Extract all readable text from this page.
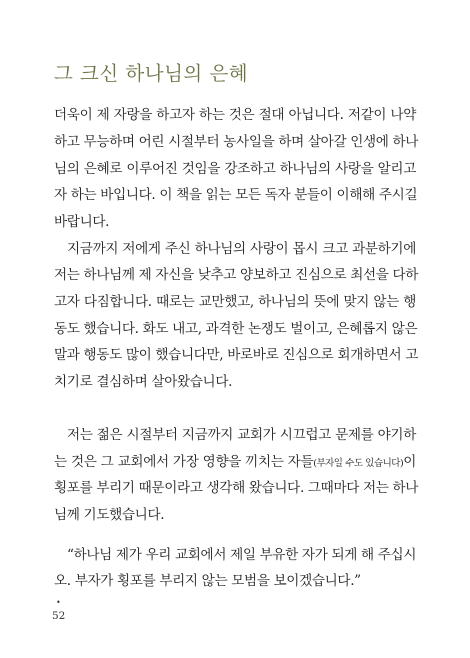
그 크신 하나님의 은혜
더욱이 제 자랑을 하고자 하는 것은 절대 아닙니다. 저같이 나약
하고 무능하며 어린 시절부터 농사일을 하며 살아갈 인생에 하나
님의 은혜로 이루어진 것임을 강조하고 하나님의 사랑을 알리고
자 하는 바입니다. 이 책을 읽는 모든 독자 분들이 이해해 주시길
바랍니다.
지금까지 저에게 주신 하나님의 사랑이 몹시 크고 과분하기에
저는 하나님께 제 자신을 낮추고 양보하고 진심으로 최선을 다하
고자 다짐합니다. 때로는 교만했고, 하나님의 뜻에 맞지 않는 행
동도 했습니다. 화도 내고, 과격한 논쟁도 벌이고, 은혜롭지 않은
말과 행동도 많이 했습니다만, 바로바로 진심으로 회개하면서 고
치기로 결심하며 살아왔습니다.
저는 젊은 시절부터 지금까지 교회가 시끄럽고 문제를 야기하
는 것은 그 교회에서 가장 영향을 끼치는 자들(부자일 수도 있습니다)이
횡포를 부리기 때문이라고 생각해 왔습니다. 그때마다 저는 하나
님께 기도했습니다.
“하나님 제가 우리 교회에서 제일 부유한 자가 되게 해 주십시
오. 부자가 횡포를 부리지 않는 모범을 보이겠습니다.”
•
52
